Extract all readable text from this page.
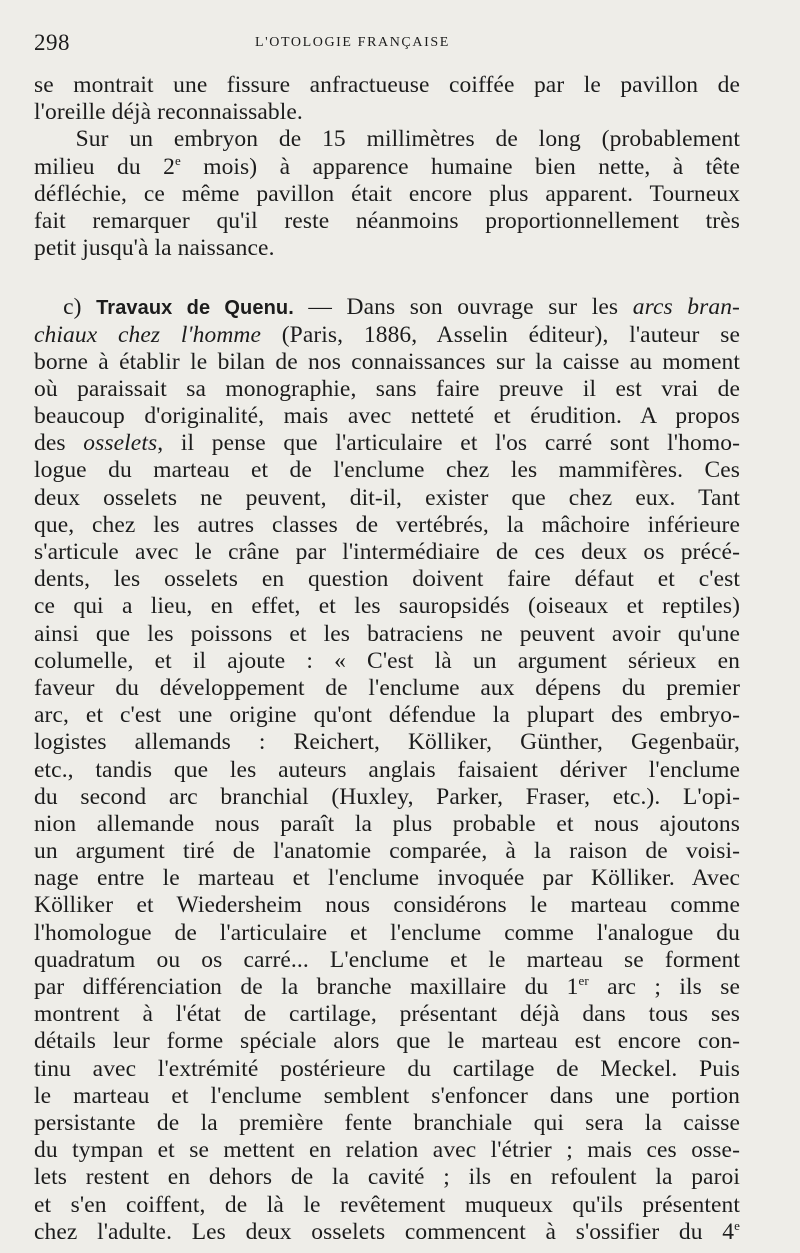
298	L'OTOLOGIE FRANÇAISE
se montrait une fissure anfractueuse coiffée par le pavillon de
l'oreille déjà reconnaissable.
Sur un embryon de 15 millimètres de long (probablement
milieu du 2e mois) à apparence humaine bien nette, à tête
défléchie, ce même pavillon était encore plus apparent. Tourneux
fait remarquer qu'il reste néanmoins proportionnellement très
petit jusqu'à la naissance.
c) Travaux de Quenu. — Dans son ouvrage sur les arcs bran-
chiaux chez l'homme (Paris, 1886, Asselin éditeur), l'auteur se
borne à établir le bilan de nos connaissances sur la caisse au moment
où paraissait sa monographie, sans faire preuve il est vrai de
beaucoup d'originalité, mais avec netteté et érudition. A propos
des osselets, il pense que l'articulaire et l'os carré sont l'homo-
logue du marteau et de l'enclume chez les mammifères. Ces
deux osselets ne peuvent, dit-il, exister que chez eux. Tant
que, chez les autres classes de vertébrés, la mâchoire inférieure
s'articule avec le crâne par l'intermédiaire de ces deux os précé-
dents, les osselets en question doivent faire défaut et c'est
ce qui a lieu, en effet, et les sauropsidés (oiseaux et reptiles)
ainsi que les poissons et les batraciens ne peuvent avoir qu'une
columelle, et il ajoute : « C'est là un argument sérieux en
faveur du développement de l'enclume aux dépens du premier
arc, et c'est une origine qu'ont défendue la plupart des embryo-
logistes allemands : Reichert, Kölliker, Günther, Gegenbaür,
etc., tandis que les auteurs anglais faisaient dériver l'enclume
du second arc branchial (Huxley, Parker, Fraser, etc.). L'opi-
nion allemande nous paraît la plus probable et nous ajoutons
un argument tiré de l'anatomie comparée, à la raison de voisi-
nage entre le marteau et l'enclume invoquée par Kölliker. Avec
Kölliker et Wiedersheim nous considérons le marteau comme
l'homologue de l'articulaire et l'enclume comme l'analogue du
quadratum ou os carré... L'enclume et le marteau se forment
par différenciation de la branche maxillaire du 1er arc ; ils se
montrent à l'état de cartilage, présentant déjà dans tous ses
détails leur forme spéciale alors que le marteau est encore con-
tinu avec l'extrémité postérieure du cartilage de Meckel. Puis
le marteau et l'enclume semblent s'enfoncer dans une portion
persistante de la première fente branchiale qui sera la caisse
du tympan et se mettent en relation avec l'étrier ; mais ces osse-
lets restent en dehors de la cavité ; ils en refoulent la paroi
et s'en coiffent, de là le revêtement muqueux qu'ils présentent
chez l'adulte. Les deux osselets commencent à s'ossifier du 4e
